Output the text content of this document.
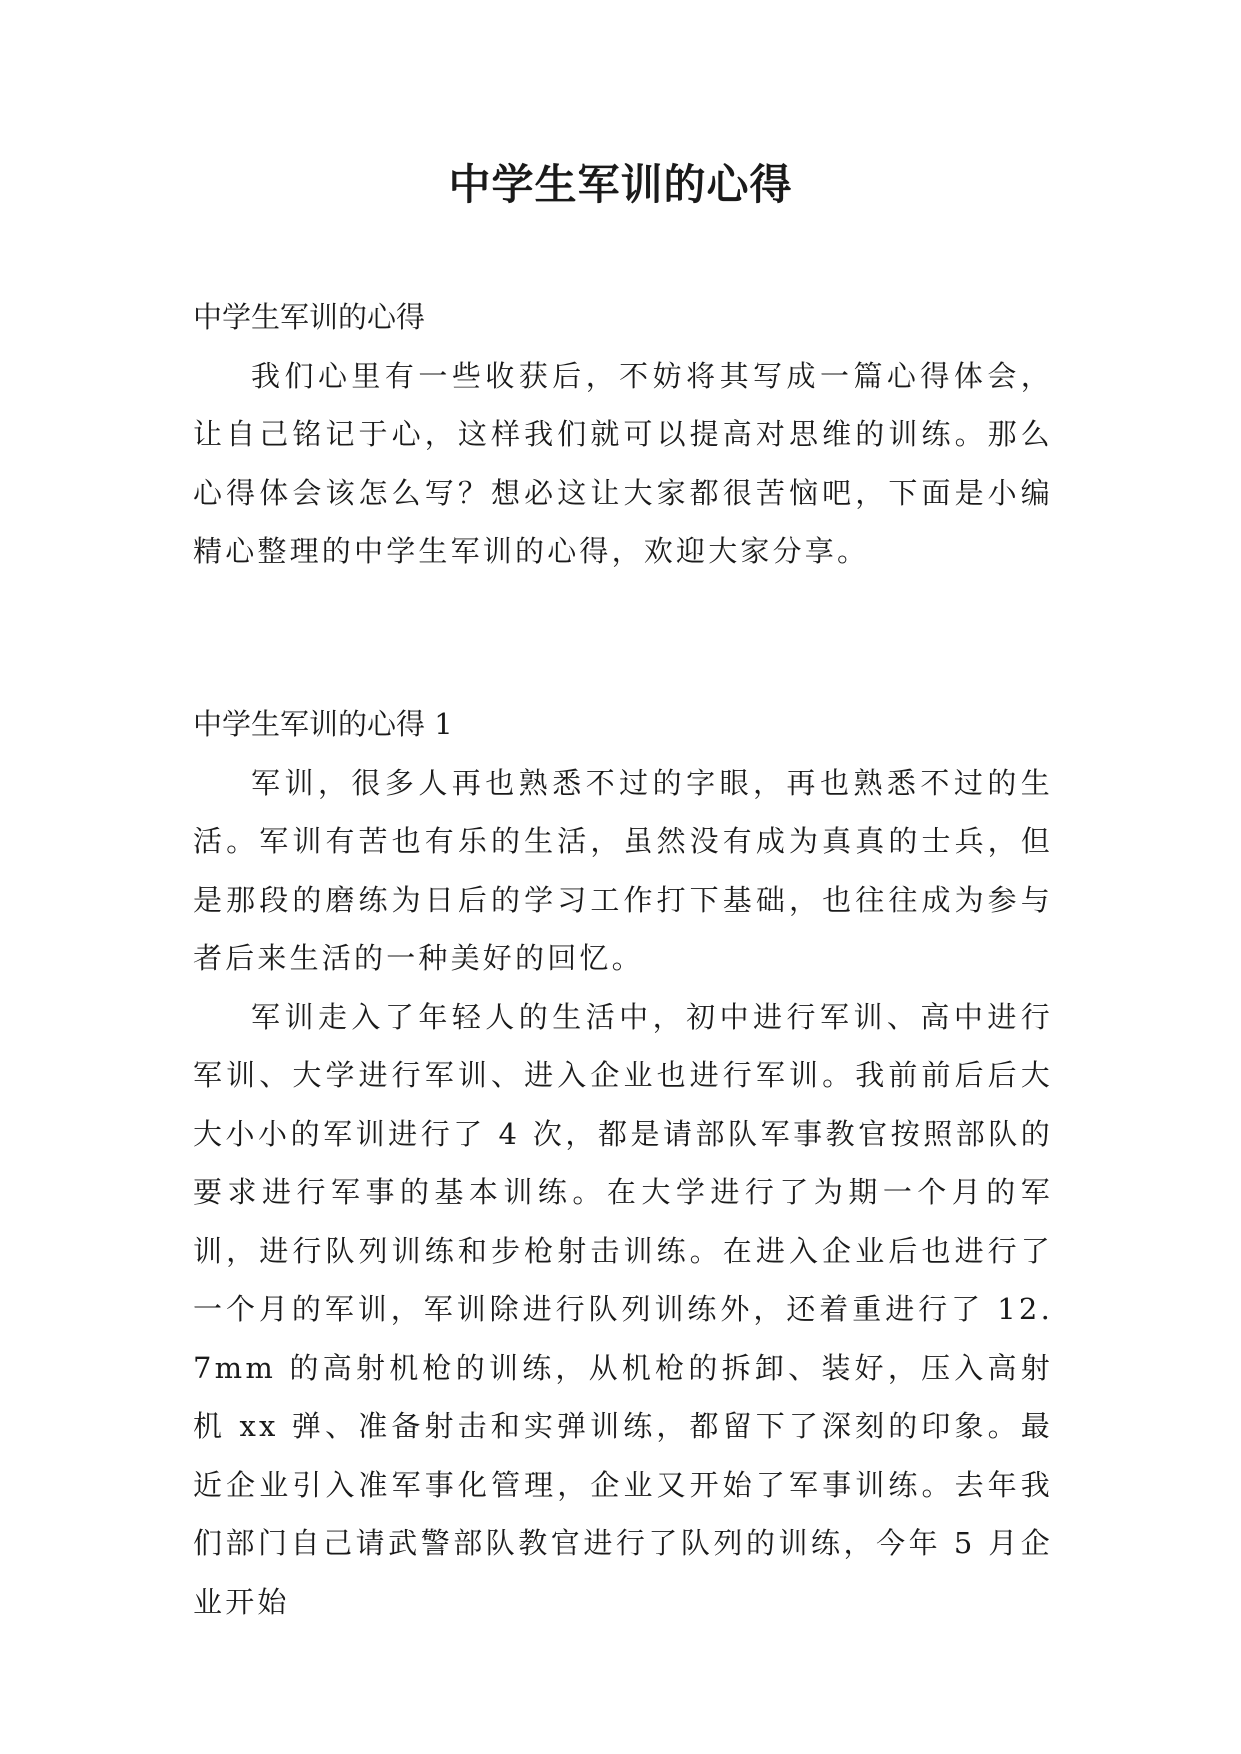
中学生军训的心得

中学生军训的心得

我们心里有一些收获后，不妨将其写成一篇心得体会，让自己铭记于心，这样我们就可以提高对思维的训练。那么心得体会该怎么写？想必这让大家都很苦恼吧，下面是小编精心整理的中学生军训的心得，欢迎大家分享。

中学生军训的心得 1

军训，很多人再也熟悉不过的字眼，再也熟悉不过的生活。军训有苦也有乐的生活，虽然没有成为真真的士兵，但是那段的磨练为日后的学习工作打下基础，也往往成为参与者后来生活的一种美好的回忆。

军训走入了年轻人的生活中，初中进行军训、高中进行军训、大学进行军训、进入企业也进行军训。我前前后后大大小小的军训进行了 4 次，都是请部队军事教官按照部队的要求进行军事的基本训练。在大学进行了为期一个月的军训，进行队列训练和步枪射击训练。在进入企业后也进行了一个月的军训，军训除进行队列训练外，还着重进行了 12.7mm 的高射机枪的训练，从机枪的拆卸、装好，压入高射机 xx 弹、准备射击和实弹训练，都留下了深刻的印象。最近企业引入准军事化管理，企业又开始了军事训练。去年我们部门自己请武警部队教官进行了队列的训练，今年 5 月企业开始
